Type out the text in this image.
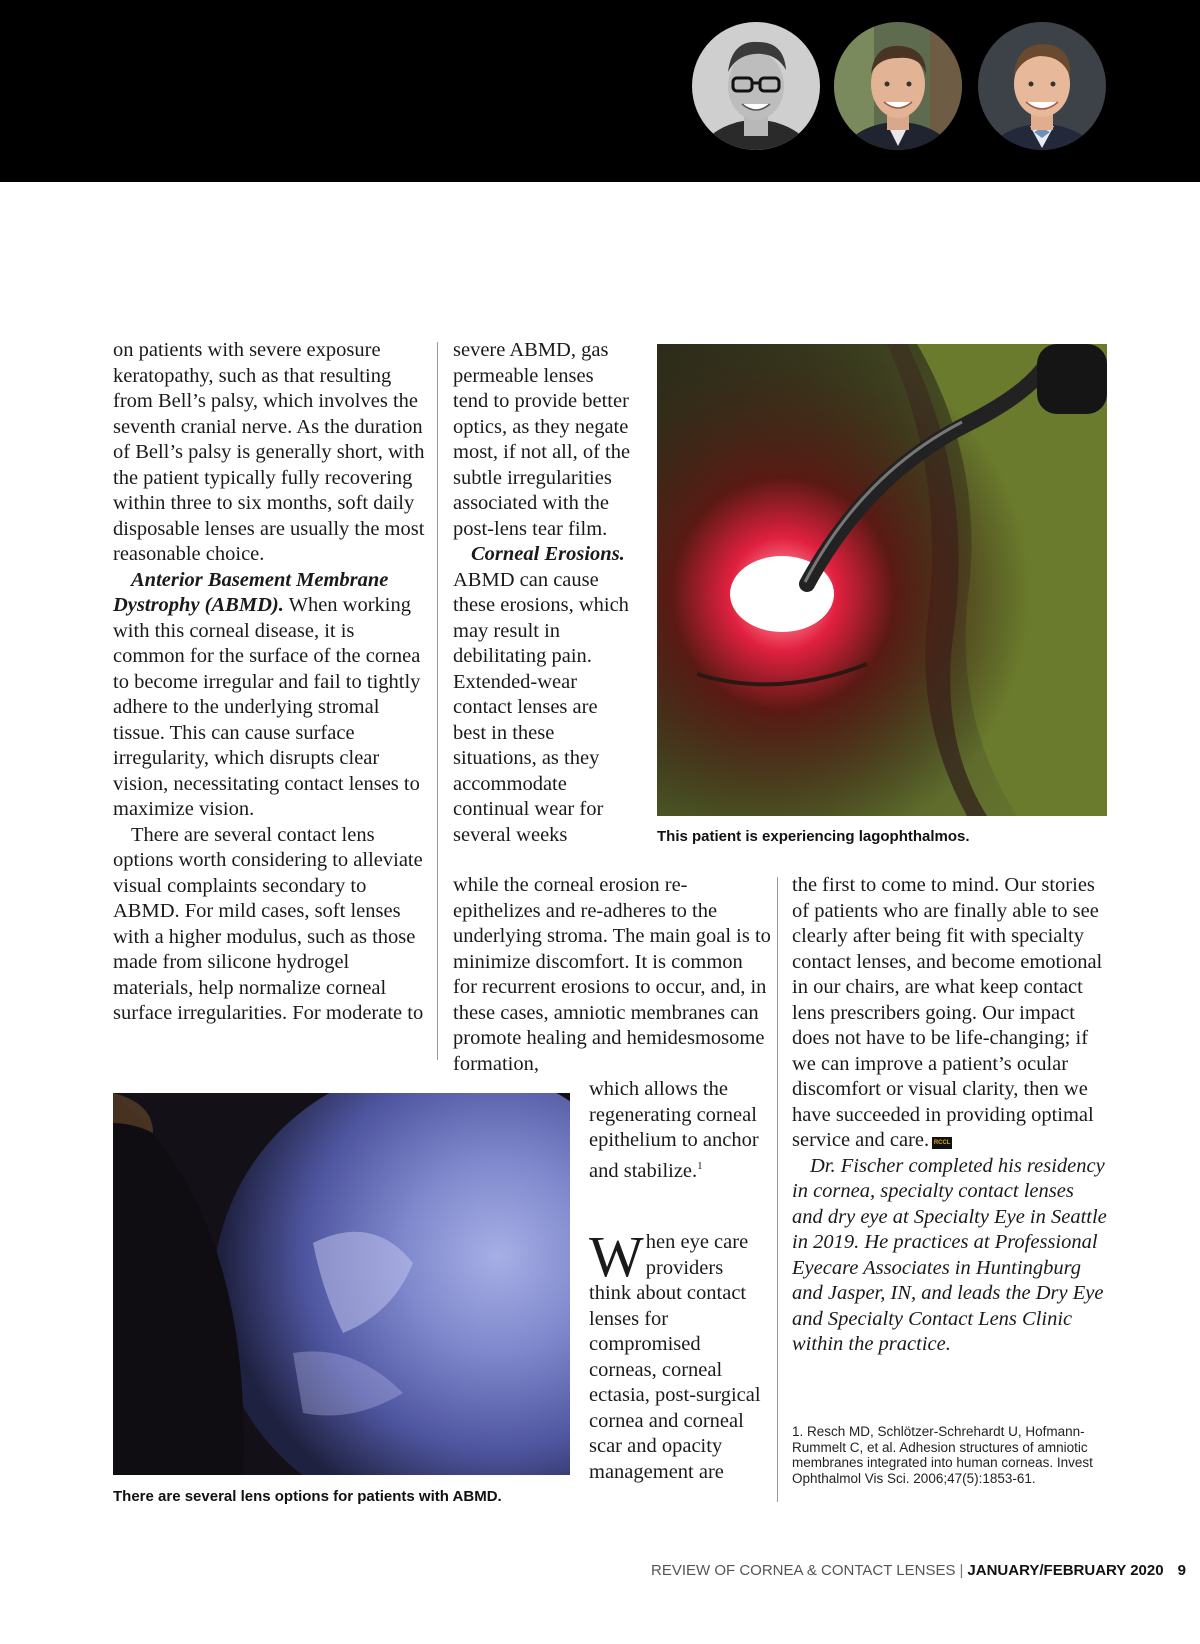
on patients with severe exposure keratopathy, such as that resulting from Bell’s palsy, which involves the seventh cranial nerve. As the duration of Bell’s palsy is generally short, with the patient typically fully recovering within three to six months, soft daily disposable lenses are usually the most reasonable choice.

Anterior Basement Membrane Dystrophy (ABMD). When working with this corneal disease, it is common for the surface of the cornea to become irregular and fail to tightly adhere to the underlying stromal tissue. This can cause surface irregularity, which disrupts clear vision, necessitating contact lenses to maximize vision.

There are several contact lens options worth considering to alleviate visual complaints secondary to ABMD. For mild cases, soft lenses with a higher modulus, such as those made from silicone hydrogel materials, help normalize corneal surface irregularities. For moderate to

severe ABMD, gas permeable lenses tend to provide better optics, as they negate most, if not all, of the subtle irregularities associated with the post-lens tear film.

Corneal Erosions. ABMD can cause these erosions, which may result in debilitating pain. Extended-wear contact lenses are best in these situations, as they accommodate continual wear for several weeks

while the corneal erosion re-epithelizes and re-adheres to the underlying stroma. The main goal is to minimize discomfort. It is common for recurrent erosions to occur, and, in these cases, amniotic membranes can promote healing and hemidesmosome formation,

This patient is experiencing lagophthalmos.

the first to come to mind. Our stories of patients who are finally able to see clearly after being fit with specialty contact lenses, and become emotional in our chairs, are what keep contact lens prescribers going. Our impact does not have to be life-changing; if we can improve a patient’s ocular discomfort or visual clarity, then we have succeeded in providing optimal service and care. RCCL

Dr. Fischer completed his residency in cornea, specialty contact lenses and dry eye at Specialty Eye in Seattle in 2019. He practices at Professional Eyecare Associates in Huntingburg and Jasper, IN, and leads the Dry Eye and Specialty Contact Lens Clinic within the practice.

There are several lens options for patients with ABMD.

which allows the regenerating corneal epithelium to anchor and stabilize.$^1$

When eye care providers think about contact lenses for compromised corneas, corneal ectasia, post-surgical cornea and corneal scar and opacity management are

1. Resch MD, Schlötzer-Schrehardt U, Hofmann-Rummelt C, et al. Adhesion structures of amniotic membranes integrated into human corneas. Invest Ophthalmol Vis Sci. 2006;47(5):1853-61.
REVIEW OF CORNEA & CONTACT LENSES | JANUARY/FEBRUARY 2020 9
